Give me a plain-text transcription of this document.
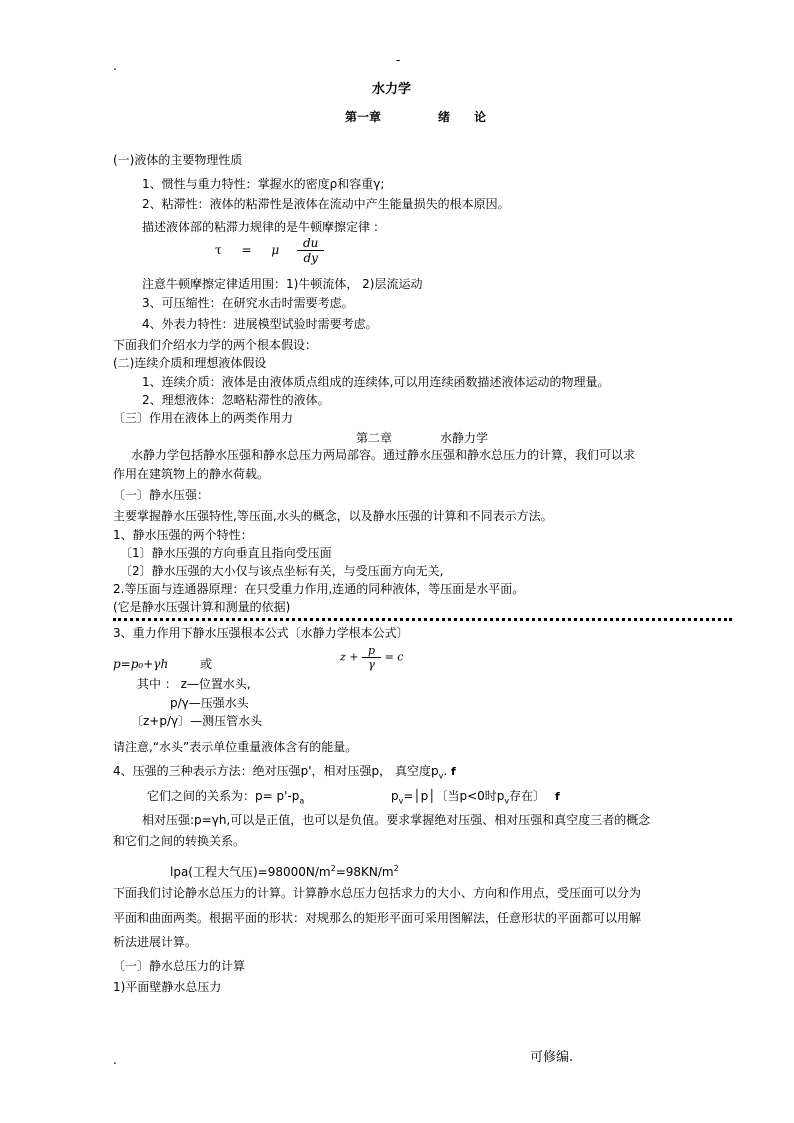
.	-
水力学
第一章	绪 论
(一)液体的主要物理性质
1、惯性与重力特性：掌握水的密度ρ和容重γ;
2、粘滞性：液体的粘滞性是液体在流动中产生能量损失的根本原因。
描述液体部的粘滞力规律的是牛顿摩擦定律 :
τ = μ $\frac{du}{dy}$
注意牛顿摩擦定律适用围：1)牛顿流体， 2)层流运动
3、可压缩性：在研究水击时需要考虑。
4、外表力特性：进展模型试验时需要考虑。
下面我们介绍水力学的两个根本假设：
(二)连续介质和理想液体假设
1、连续介质：液体是由液体质点组成的连续体,可以用连续函数描述液体运动的物理量。
2、理想液体：忽略粘滞性的液体。
〔三〕作用在液体上的两类作用力
第二章	水静力学
水静力学包括静水压强和静水总压力两局部容。通过静水压强和静水总压力的计算，我们可以求
作用在建筑物上的静水荷载。
〔一〕静水压强：
主要掌握静水压强特性,等压面,水头的概念，以及静水压强的计算和不同表示方法。
1、静水压强的两个特性：
〔1〕静水压强的方向垂直且指向受压面
〔2〕静水压强的大小仅与该点坐标有关，与受压面方向无关,
2.等压面与连通器原理：在只受重力作用,连通的同种液体，等压面是水平面。
(它是静水压强计算和测量的依据)
3、重力作用下静水压强根本公式〔水静力学根本公式〕
p=p₀+γh	或	$z + \frac{p}{\gamma} = c$
其中 ： z—位置水头,
p/γ—压强水头
〔z+p/γ〕—测压管水头
请注意,“水头”表示单位重量液体含有的能量。
4、压强的三种表示方法：绝对压强p'，相对压强p， 真空度$p_v$. f
它们之间的关系为：$p= p'-p_a$	$p_v=│p│$〔当p<0时$p_v$存在〕 f
相对压强:p=γh,可以是正值，也可以是负值。要求掌握绝对压强、相对压强和真空度三者的概念
和它们之间的转换关系。
lpa(工程大气压)$=98000N/m^2=98KN/m^2$
下面我们讨论静水总压力的计算。计算静水总压力包括求力的大小、方向和作用点，受压面可以分为
平面和曲面两类。根据平面的形状：对规那么的矩形平面可采用图解法，任意形状的平面都可以用解
析法进展计算。
〔一〕静水总压力的计算
1)平面壁静水总压力
.	可修编.
